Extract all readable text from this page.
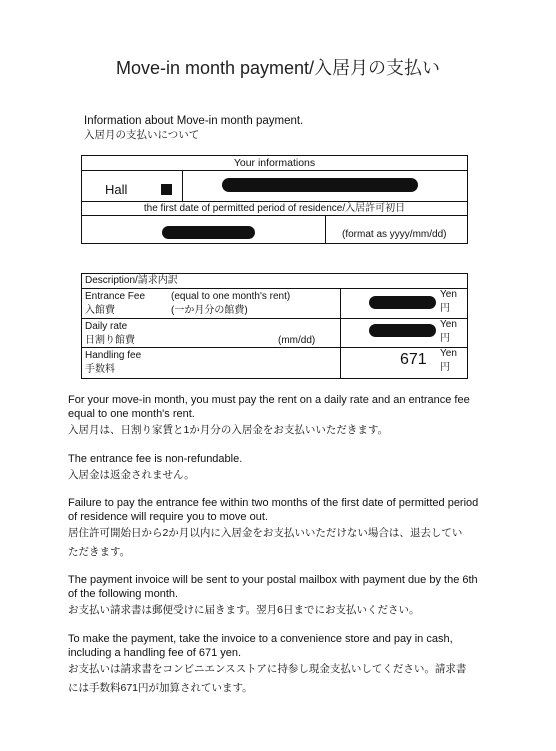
Move-in month payment/入居月の支払い
Information about Move-in month payment.
入居月の支払いについて
Your informations
Hall
the first date of permitted period of residence/入居許可初日
(format as yyyy/mm/dd)
Description/請求内訳
Entrance Fee
入館費
(equal to one month's rent)
(一か月分の館費)
Yen
円
Daily rate
日割り館費	(mm/dd)
Yen
円
Handling fee
手数料
671 Yen
円
For your move-in month, you must pay the rent on a daily rate and an entrance fee
equal to one month's rent.
入居月は、日割り家賃と1か月分の入居金をお支払いいただきます。
The entrance fee is non-refundable.
入居金は返金されません。
Failure to pay the entrance fee within two months of the first date of permitted period
of residence will require you to move out.
居住許可開始日から2か月以内に入居金をお支払いいただけない場合は、退去してい
ただきます。
The payment invoice will be sent to your postal mailbox with payment due by the 6th
of the following month.
お支払い請求書は郵便受けに届きます。翌月6日までにお支払いください。
To make the payment, take the invoice to a convenience store and pay in cash,
including a handling fee of 671 yen.
お支払いは請求書をコンビニエンスストアに持参し現金支払いしてください。請求書
には手数料671円が加算されています。
